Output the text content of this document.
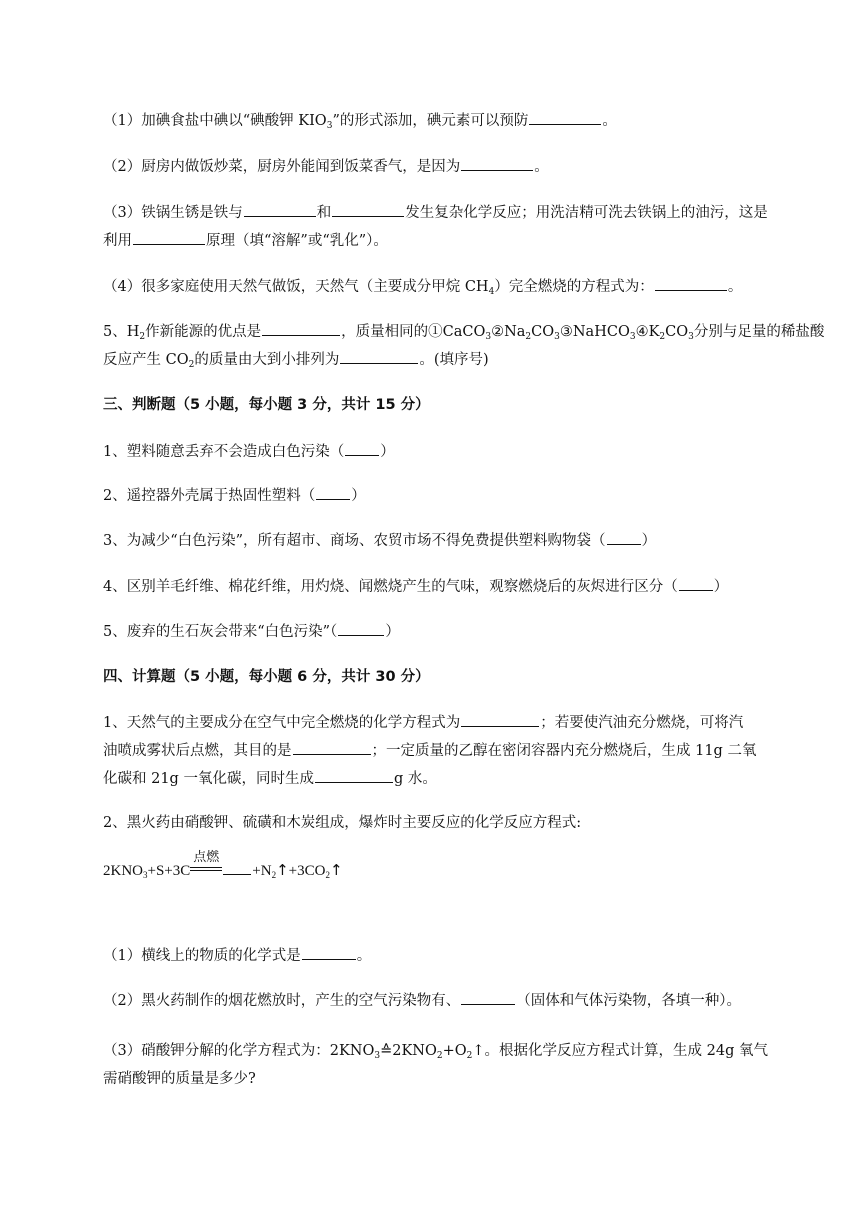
（1）加碘食盐中碘以“碘酸钾 $KIO_3$”的形式添加，碘元素可以预防	。
（2）厨房内做饭炒菜，厨房外能闻到饭菜香气，是因为	。
（3）铁锅生锈是铁与	和	发生复杂化学反应；用洗洁精可洗去铁锅上的油污，这是
利用	原理（填“溶解”或“乳化”）。
（4）很多家庭使用天然气做饭，天然气（主要成分甲烷 $CH_4$）完全燃烧的方程式为：	。
5、$H_2$作新能源的优点是	，质量相同的$①CaCO_3②Na_2CO_3③NaHCO_3④K_2CO_3$分别与足量的稀盐酸
反应产生 $CO_2$的质量由大到小排列为	。(填序号)
三、判断题（5 小题，每小题 3 分，共计 15 分）
1、塑料随意丢弃不会造成白色污染（ ）
2、遥控器外壳属于热固性塑料（ ）
3、为减少“白色污染”，所有超市、商场、农贸市场不得免费提供塑料购物袋（ ）
4、区别羊毛纤维、棉花纤维，用灼烧、闻燃烧产生的气味，观察燃烧后的灰烬进行区分（ ）
5、废弃的生石灰会带来“白色污染”（	）
四、计算题（5 小题，每小题 6 分，共计 30 分）
1、天然气的主要成分在空气中完全燃烧的化学方程式为	；若要使汽油充分燃烧，可将汽
油喷成雾状后点燃，其目的是	；一定质量的乙醇在密闭容器内充分燃烧后，生成 11g 二氧
化碳和 21g 一氧化碳，同时生成	g 水。
2、黑火药由硝酸钾、硫磺和木炭组成，爆炸时主要反应的化学反应方程式:
$2KNO_3+S+3C$
点燃
$+N_2↑+3CO_2↑$
（1）横线上的物质的化学式是	。
（2）黑火药制作的烟花燃放时，产生的空气污染物有、	（固体和气体污染物，各填一种）。
（3）硝酸钾分解的化学方程式为：$2KNO_3≙2KNO_2+O_2↑$。根据化学反应方程式计算，生成 24g 氧气
需硝酸钾的质量是多少?
